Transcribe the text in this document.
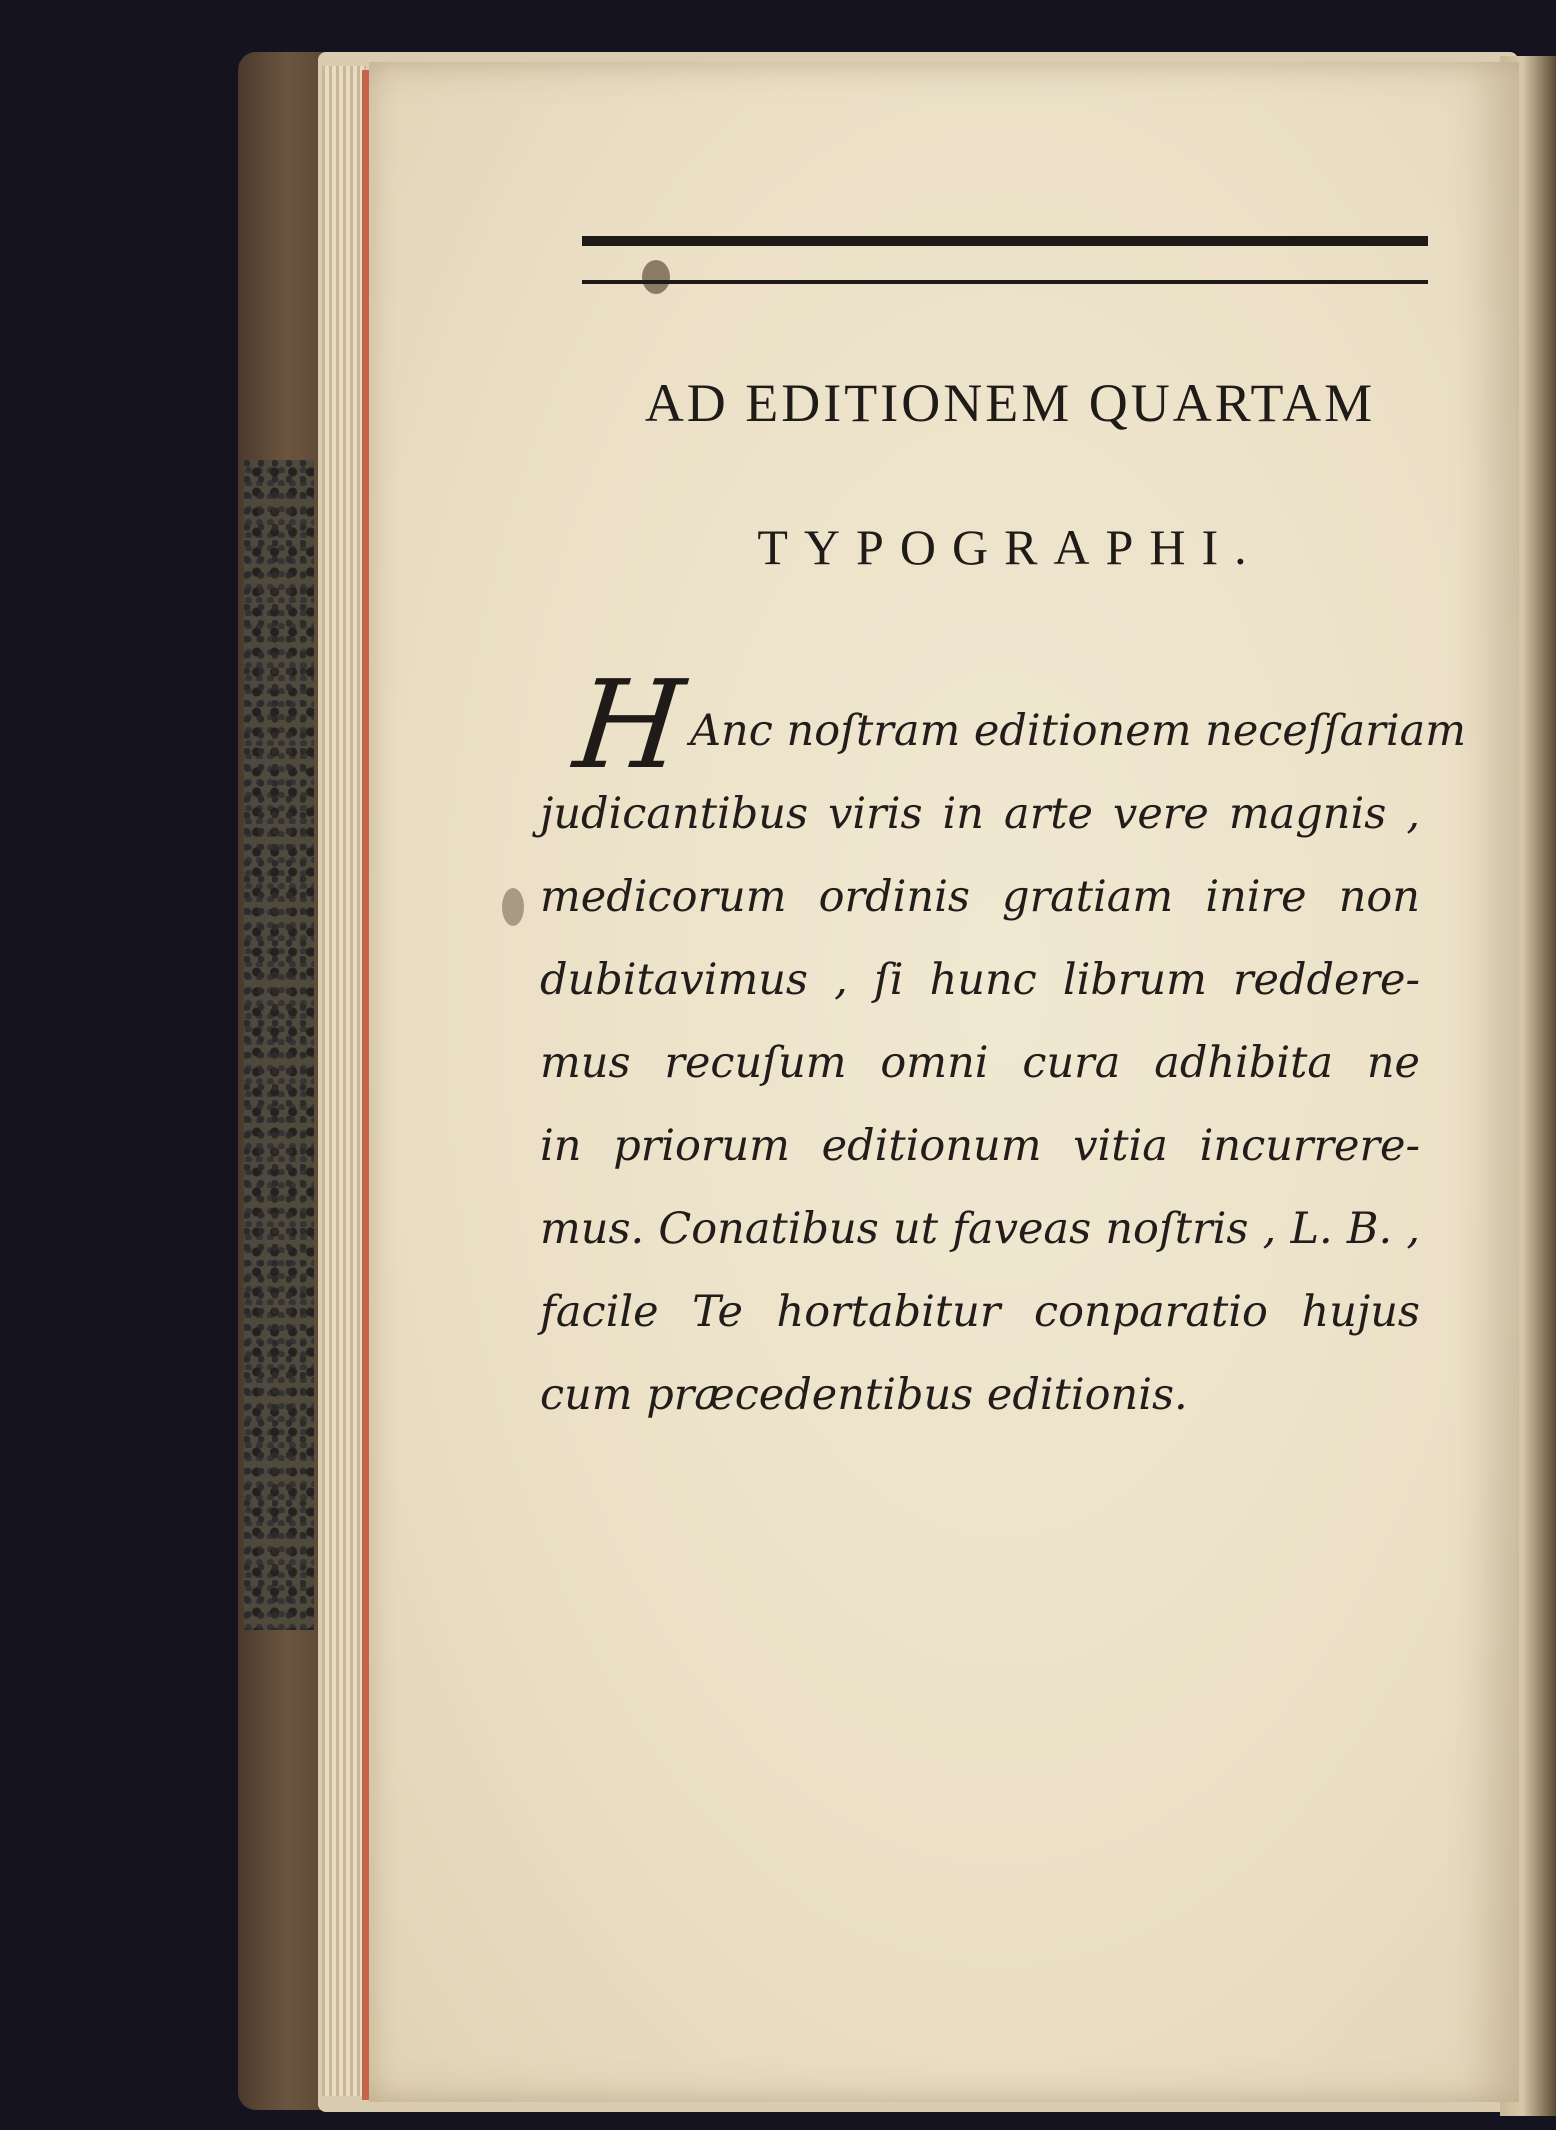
AD EDITIONEM QUARTAM
TYPOGRAPHI.
H Anc noſtram editionem neceſſariam
judicantibus viris in arte vere magnis ,
medicorum ordinis gratiam inire non
dubitavimus , ſi hunc librum reddere-
mus recuſum omni cura adhibita ne
in priorum editionum vitia incurrere-
mus. Conatibus ut faveas noſtris , L. B. ,
facile Te hortabitur conparatio hujus
cum præcedentibus editionis.
